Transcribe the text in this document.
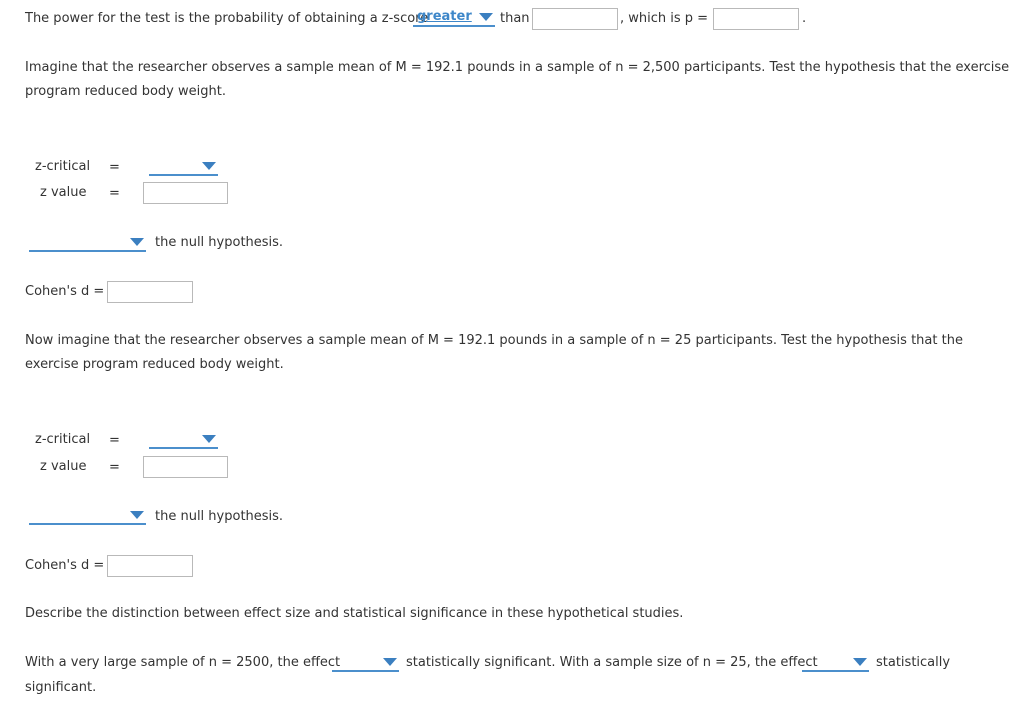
The power for the test is the probability of obtaining a z-score
greater than	, which is p =	.
Imagine that the researcher observes a sample mean of M = 192.1 pounds in a sample of n = 2,500 participants. Test the hypothesis that the exercise
program reduced body weight.
z-critical =
z value =
the null hypothesis.
Cohen's d =
Now imagine that the researcher observes a sample mean of M = 192.1 pounds in a sample of n = 25 participants. Test the hypothesis that the
exercise program reduced body weight.
z-critical =
z value =
the null hypothesis.
Cohen's d =
Describe the distinction between effect size and statistical significance in these hypothetical studies.
With a very large sample of n = 2500, the effect	statistically significant. With a sample size of n = 25, the effect	statistically
significant.
